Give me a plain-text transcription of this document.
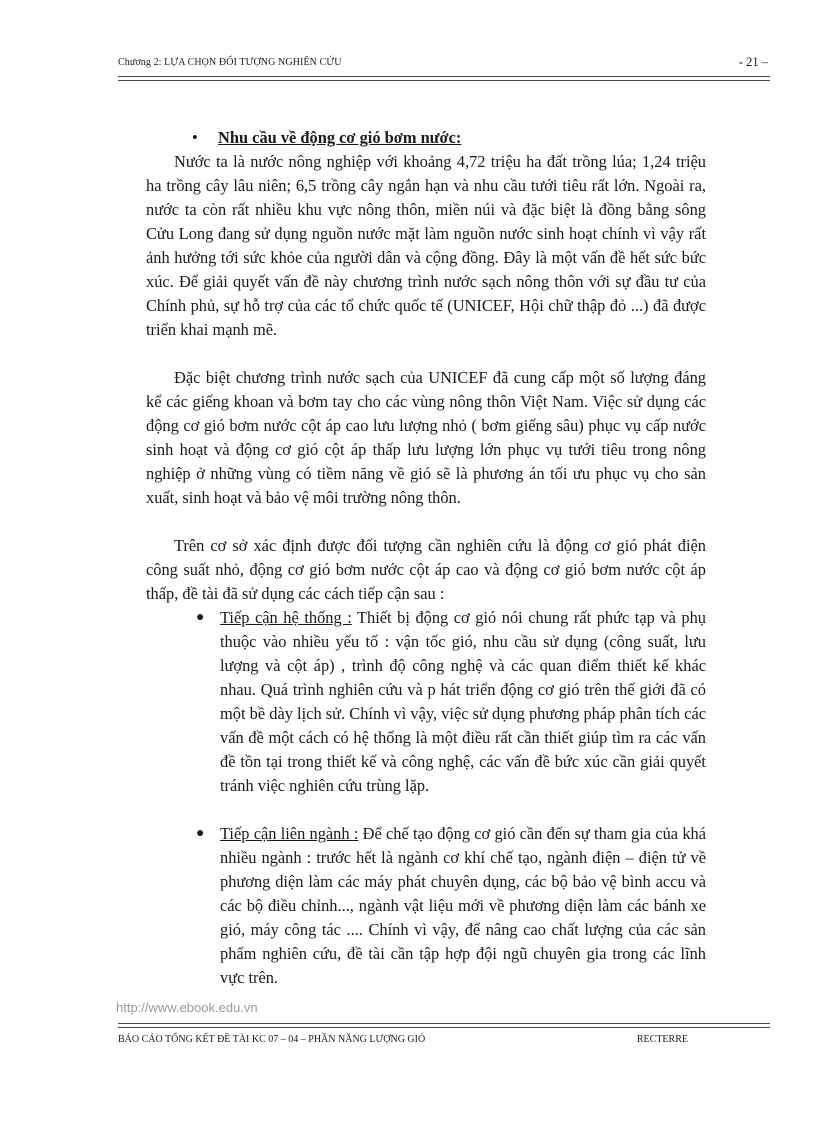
Chương 2: LỰA CHỌN ĐỐI TƯỢNG NGHIÊN CỨU	- 21 –
• Nhu cầu về động cơ gió bơm nước:

Nước ta là nước nông nghiệp với khoảng 4,72 triệu ha đất trồng lúa; 1,24 triệu ha trồng cây lâu niên; 6,5 trồng cây ngắn hạn và nhu cầu tưới tiêu rất lớn. Ngoài ra, nước ta còn rất nhiều khu vực nông thôn, miền núi và đặc biệt là đồng bằng sông Cửu Long đang sử dụng nguồn nước mặt làm nguồn nước sinh hoạt chính vì vậy rất ảnh hưởng tới sức khỏe của người dân và cộng đồng. Đây là một vấn đề hết sức bức xúc. Để giải quyết vấn đề này chương trình nước sạch nông thôn với sự đầu tư của Chính phủ, sự hỗ trợ của các tổ chức quốc tế (UNICEF, Hội chữ thập đỏ ...) đã được triển khai mạnh mẽ.

Đặc biệt chương trình nước sạch của UNICEF đã cung cấp một số lượng đáng kể các giếng khoan và bơm tay cho các vùng nông thôn Việt Nam. Việc sử dụng các động cơ gió bơm nước cột áp cao lưu lượng nhỏ ( bơm giếng sâu) phục vụ cấp nước sinh hoạt và động cơ gió cột áp thấp lưu lượng lớn phục vụ tưới tiêu trong nông nghiệp ở những vùng có tiềm năng về gió sẽ là phương án tối ưu phục vụ cho sản xuất, sinh hoạt và bảo vệ môi trường nông thôn.

Trên cơ sở xác định được đối tượng cần nghiên cứu là động cơ gió phát điện công suất nhỏ, động cơ gió bơm nước cột áp cao và động cơ gió bơm nước cột áp thấp, đề tài đã sử dụng các cách tiếp cận sau :

● Tiếp cận hệ thống : Thiết bị động cơ gió nói chung rất phức tạp và phụ thuộc vào nhiều yếu tố : vận tốc gió, nhu cầu sử dụng (công suất, lưu lượng và cột áp) , trình độ công nghệ và các quan điểm thiết kế khác nhau. Quá trình nghiên cứu và p hát triển động cơ gió trên thế giới đã có một bề dày lịch sử. Chính vì vậy, việc sử dụng phương pháp phân tích các vấn đề một cách có hệ thống là một điều rất cần thiết giúp tìm ra các vấn đề tồn tại trong thiết kế và công nghệ, các vấn đề bức xúc cần giải quyết tránh việc nghiên cứu trùng lặp.
● Tiếp cận liên ngành : Để chế tạo động cơ gió cần đến sự tham gia của khá nhiều ngành : trước hết là ngành cơ khí chế tạo, ngành điện – điện tử về phương diện làm các máy phát chuyên dụng, các bộ bảo vệ bình accu và các bộ điều chỉnh..., ngành vật liệu mới về phương diện làm các bánh xe gió, máy công tác .... Chính vì vậy, để nâng cao chất lượng của các sản phẩm nghiên cứu, đề tài cần tập hợp đội ngũ chuyên gia trong các lĩnh vực trên.
http://www.ebook.edu.vn
BÁO CÁO TỔNG KẾT ĐỀ TÀI KC 07 – 04 – PHẦN NĂNG LƯỢNG GIÓ	RECTERRE
